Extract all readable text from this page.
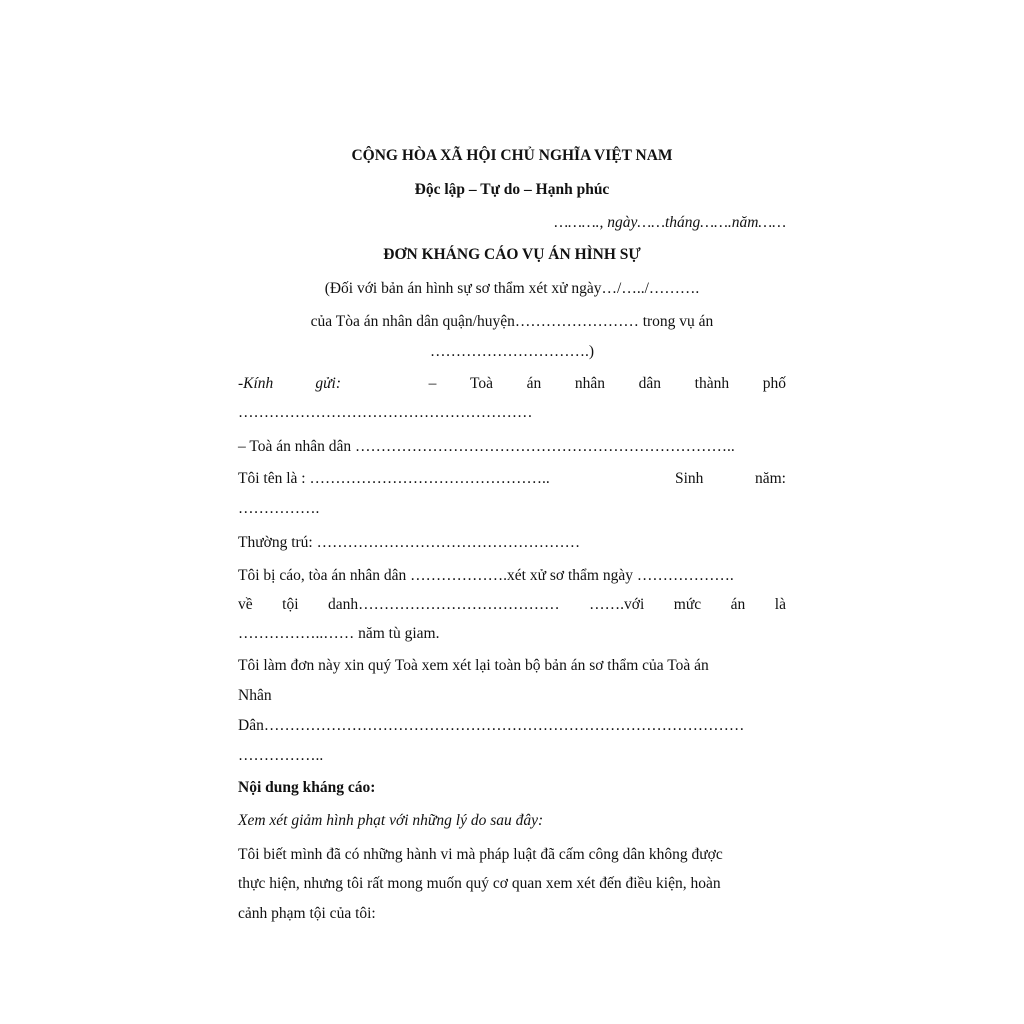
CỘNG HÒA XÃ HỘI CHỦ NGHĨA VIỆT NAM
Độc lập – Tự do – Hạnh phúc
………., ngày……tháng…….năm……
ĐƠN KHÁNG CÁO VỤ ÁN HÌNH SỰ
(Đối với bản án hình sự sơ thẩm xét xử ngày…/…../……….
của Tòa án nhân dân quận/huyện…………………… trong vụ án
………………………….)
-Kính	gửi:	– Toà án nhân dân thành phố
…………………………………………………
– Toà án nhân dân ………………………………………………………………..
Tôi tên là : ………………………………………..	Sinh	năm:
…………….
Thường trú: ……………………………………………
Tôi bị cáo, tòa án nhân dân ……………….xét xử sơ thẩm ngày ……………….
về tội danh………………………………… …….với mức án là
……………..…… năm tù giam.
Tôi làm đơn này xin quý Toà xem xét lại toàn bộ bản án sơ thẩm của Toà án
Nhân
Dân…………………………………………………………………………………
……………..
Nội dung kháng cáo:
Xem xét giảm hình phạt với những lý do sau đây:
Tôi biết mình đã có những hành vi mà pháp luật đã cấm công dân không được
thực hiện, nhưng tôi rất mong muốn quý cơ quan xem xét đến điều kiện, hoàn
cảnh phạm tội của tôi:
